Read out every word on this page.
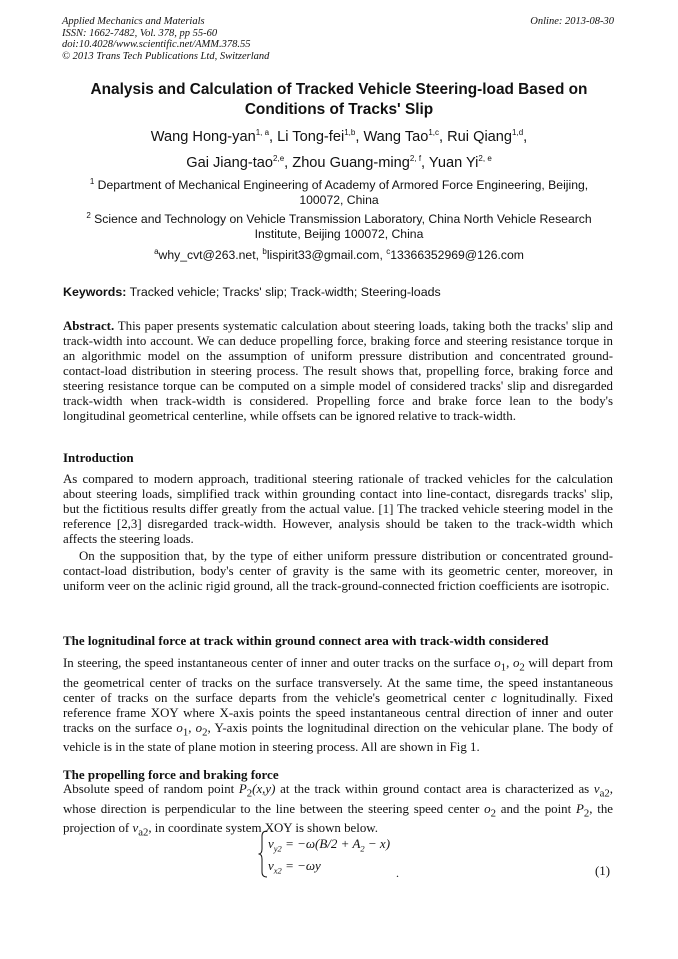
Applied Mechanics and Materials
ISSN: 1662-7482, Vol. 378, pp 55-60
doi:10.4028/www.scientific.net/AMM.378.55
© 2013 Trans Tech Publications Ltd, Switzerland
Online: 2013-08-30
Analysis and Calculation of Tracked Vehicle Steering-load Based on Conditions of Tracks' Slip
Wang Hong-yan$^{1, a}$, Li Tong-fei$^{1,b}$, Wang Tao$^{1,c}$, Rui Qiang$^{1,d}$,
Gai Jiang-tao$^{2,e}$, Zhou Guang-ming$^{2, f}$, Yuan Yi$^{2, e}$
$^1$ Department of Mechanical Engineering of Academy of Armored Force Engineering, Beijing, 100072, China
$^2$ Science and Technology on Vehicle Transmission Laboratory, China North Vehicle Research Institute, Beijing 100072, China
$^a$why_cvt@263.net, $^b$lispirit33@gmail.com, $^c$13366352969@126.com
Keywords: Tracked vehicle; Tracks' slip; Track-width; Steering-loads

Abstract. This paper presents systematic calculation about steering loads, taking both the tracks' slip and track-width into account. We can deduce propelling force, braking force and steering resistance torque in an algorithmic model on the assumption of uniform pressure distribution and concentrated ground-contact-load distribution in steering process. The result shows that, propelling force, braking force and steering resistance torque can be computed on a simple model of considered tracks' slip and disregarded track-width when track-width is considered. Propelling force and brake force lean to the body's longitudinal geometrical centerline, while offsets can be ignored relative to track-width.

Introduction

As compared to modern approach, traditional steering rationale of tracked vehicles for the calculation about steering loads, simplified track within grounding contact into line-contact, disregards tracks' slip, but the fictitious results differ greatly from the actual value. [1] The tracked vehicle steering model in the reference [2,3] disregarded track-width. However, analysis should be taken to the track-width which affects the steering loads.

On the supposition that, by the type of either uniform pressure distribution or concentrated ground-contact-load distribution, body's center of gravity is the same with its geometric center, moreover, in uniform veer on the aclinic rigid ground, all the track-ground-connected friction coefficients are isotropic.

The lognitudinal force at track within ground connect area with track-width considered

In steering, the speed instantaneous center of inner and outer tracks on the surface $o_1$, $o_2$ will depart from the geometrical center of tracks on the surface transversely. At the same time, the speed instantaneous center of tracks on the surface departs from the vehicle's geometrical center c lognitudinally. Fixed reference frame XOY where X-axis points the speed instantaneous central direction of inner and outer tracks on the surface $o_1$, $o_2$, Y-axis points the lognitudinal direction on the vehicular plane. The body of vehicle is in the state of plane motion in steering process. All are shown in Fig 1.

The propelling force and braking force

Absolute speed of random point $P_2(x,y)$ at the track within ground contact area is characterized as $v_{a2}$, whose direction is perpendicular to the line between the steering speed center $o_2$ and the point $P_2$, the projection of $v_{a2}$, in coordinate system XOY is shown below.

$v_{y2} = -\omega(B/2 + A_2 - x)$
$v_{x2} = -\omega y$	.	(1)
